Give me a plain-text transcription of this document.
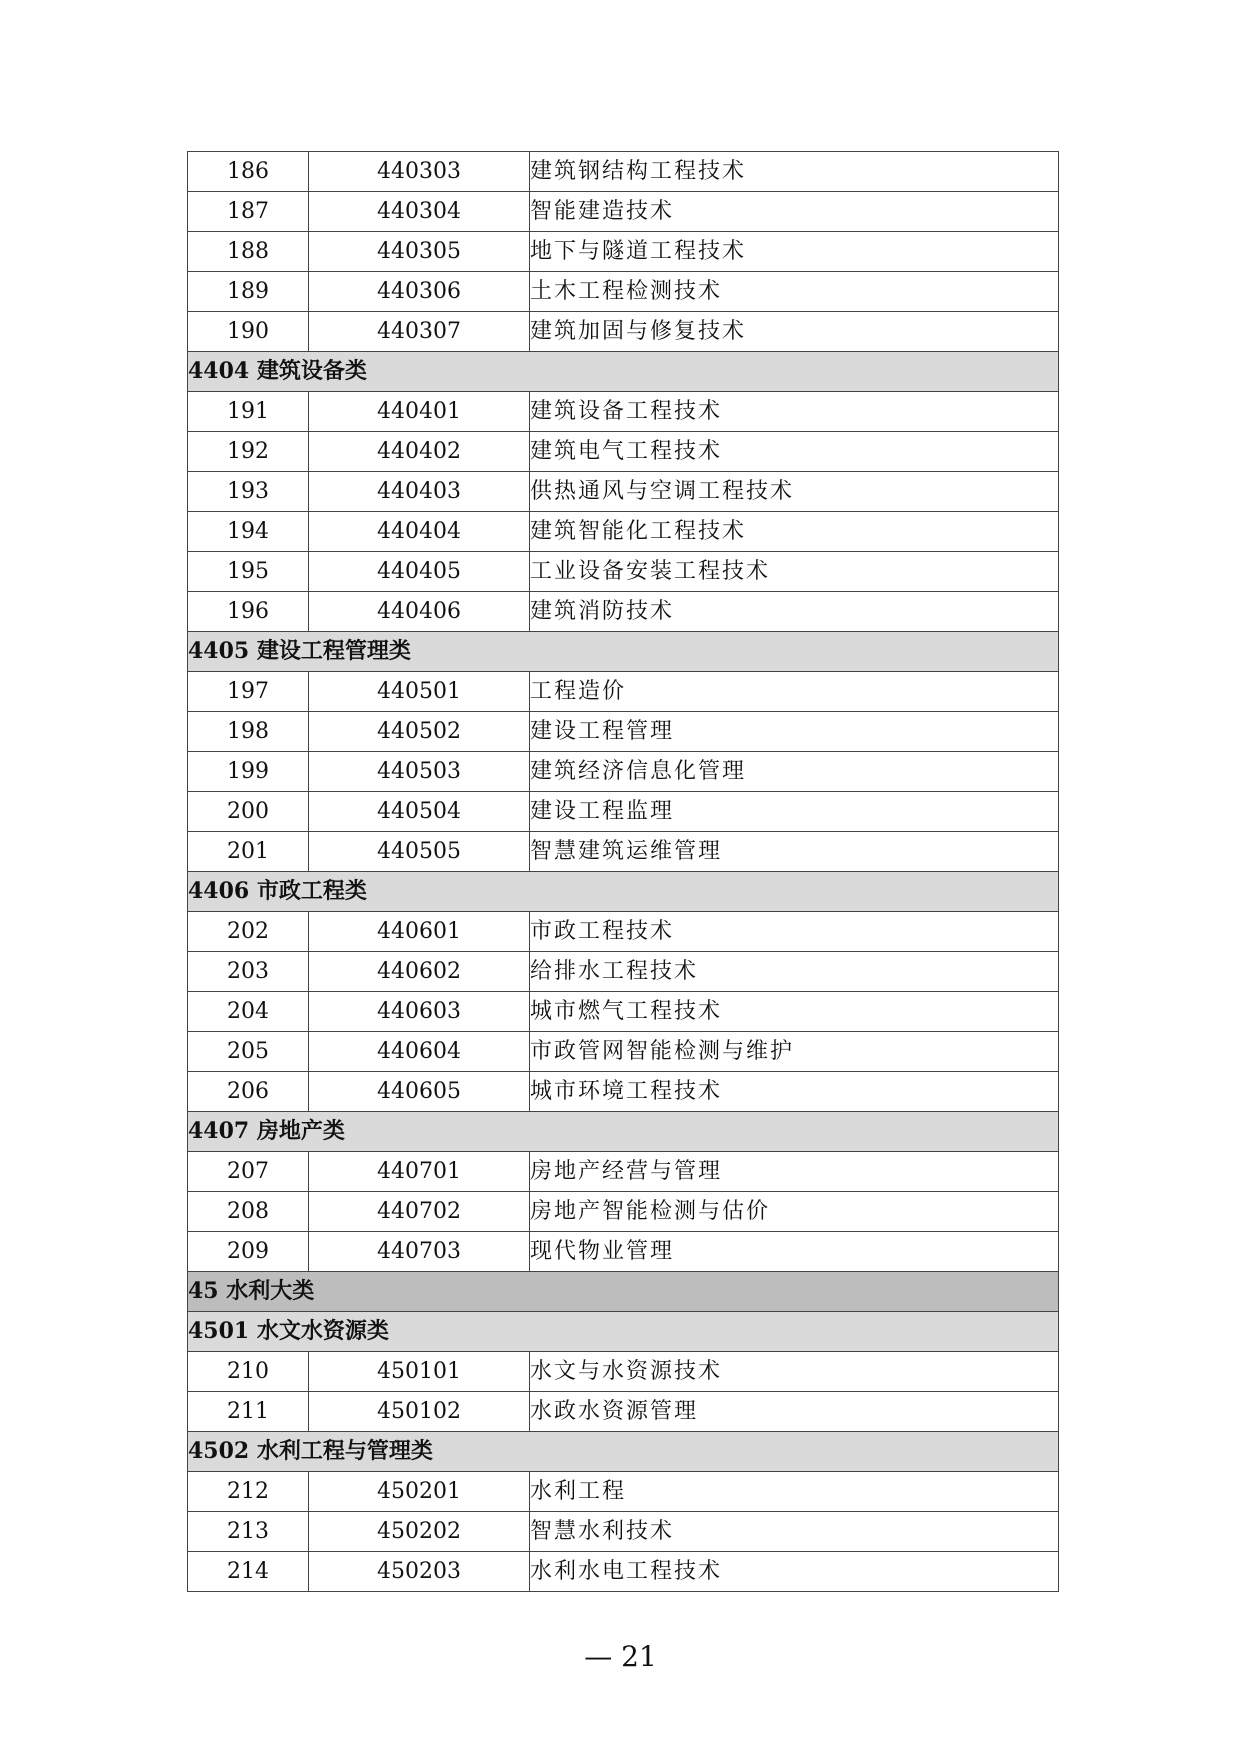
186	440303	建筑钢结构工程技术
187	440304	智能建造技术
188	440305	地下与隧道工程技术
189	440306	土木工程检测技术
190	440307	建筑加固与修复技术
4404 建筑设备类		
191	440401	建筑设备工程技术
192	440402	建筑电气工程技术
193	440403	供热通风与空调工程技术
194	440404	建筑智能化工程技术
195	440405	工业设备安装工程技术
196	440406	建筑消防技术
4405 建设工程管理类		
197	440501	工程造价
198	440502	建设工程管理
199	440503	建筑经济信息化管理
200	440504	建设工程监理
201	440505	智慧建筑运维管理
4406 市政工程类		
202	440601	市政工程技术
203	440602	给排水工程技术
204	440603	城市燃气工程技术
205	440604	市政管网智能检测与维护
206	440605	城市环境工程技术
4407 房地产类		
207	440701	房地产经营与管理
208	440702	房地产智能检测与估价
209	440703	现代物业管理
45 水利大类		
4501 水文水资源类		
210	450101	水文与水资源技术
211	450102	水政水资源管理
4502 水利工程与管理类		
212	450201	水利工程
213	450202	智慧水利技术
214	450203	水利水电工程技术
— 21
